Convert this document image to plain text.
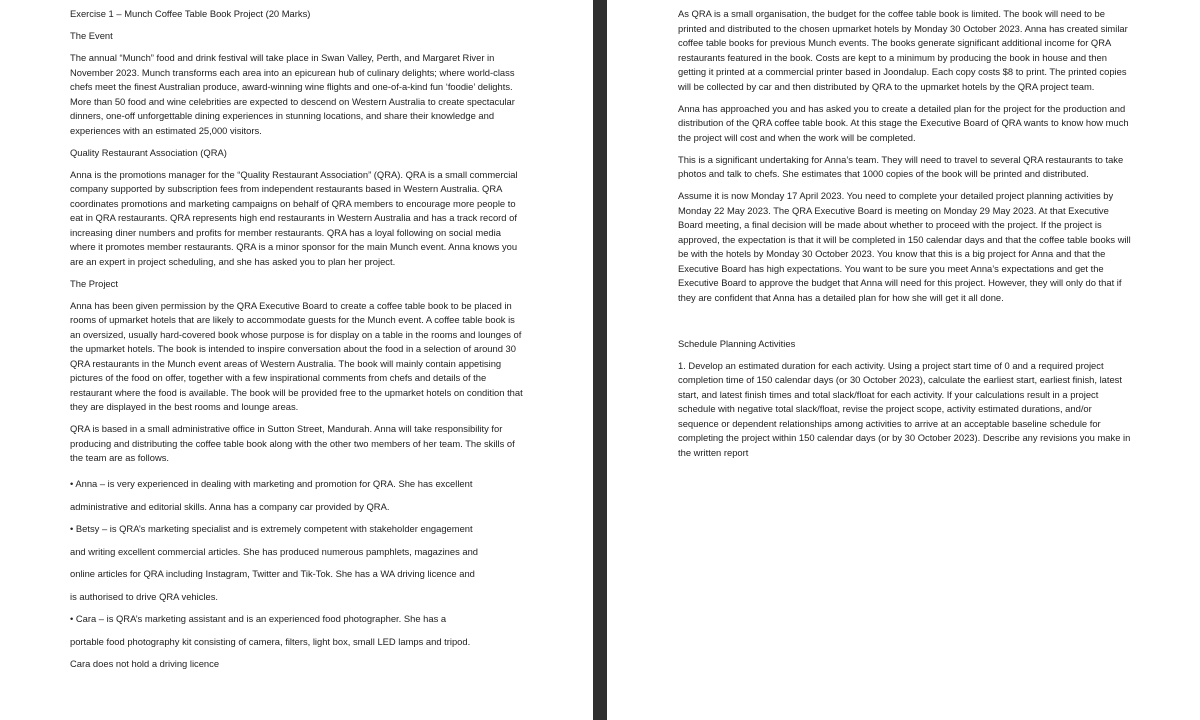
Exercise 1 – Munch Coffee Table Book Project (20 Marks)

The Event

The annual “Munch” food and drink festival will take place in Swan Valley, Perth, and Margaret River in November 2023. Munch transforms each area into an epicurean hub of culinary delights; where world-class chefs meet the finest Australian produce, award-winning wine flights and one-of-a-kind fun ‘foodie’ delights. More than 50 food and wine celebrities are expected to descend on Western Australia to create spectacular dinners, one-off unforgettable dining experiences in stunning locations, and share their knowledge and experiences with an estimated 25,000 visitors.

Quality Restaurant Association (QRA)

Anna is the promotions manager for the “Quality Restaurant Association” (QRA). QRA is a small commercial company supported by subscription fees from independent restaurants based in Western Australia. QRA coordinates promotions and marketing campaigns on behalf of QRA members to encourage more people to eat in QRA restaurants. QRA represents high end restaurants in Western Australia and has a track record of increasing diner numbers and profits for member restaurants. QRA has a loyal following on social media where it promotes member restaurants. QRA is a minor sponsor for the main Munch event. Anna knows you are an expert in project scheduling, and she has asked you to plan her project.

The Project

Anna has been given permission by the QRA Executive Board to create a coffee table book to be placed in rooms of upmarket hotels that are likely to accommodate guests for the Munch event. A coffee table book is an oversized, usually hard-covered book whose purpose is for display on a table in the rooms and lounges of the upmarket hotels. The book is intended to inspire conversation about the food in a selection of around 30 QRA restaurants in the Munch event areas of Western Australia. The book will mainly contain appetising pictures of the food on offer, together with a few inspirational comments from chefs and details of the restaurant where the food is available. The book will be provided free to the upmarket hotels on condition that they are displayed in the best rooms and lounge areas.

QRA is based in a small administrative office in Sutton Street, Mandurah. Anna will take responsibility for producing and distributing the coffee table book along with the other two members of her team. The skills of the team are as follows.

• Anna – is very experienced in dealing with marketing and promotion for QRA. She has excellent

administrative and editorial skills. Anna has a company car provided by QRA.

• Betsy – is QRA’s marketing specialist and is extremely competent with stakeholder engagement

and writing excellent commercial articles. She has produced numerous pamphlets, magazines and

online articles for QRA including Instagram, Twitter and Tik-Tok. She has a WA driving licence and

is authorised to drive QRA vehicles.

• Cara – is QRA’s marketing assistant and is an experienced food photographer. She has a

portable food photography kit consisting of camera, filters, light box, small LED lamps and tripod.

Cara does not hold a driving licence

As QRA is a small organisation, the budget for the coffee table book is limited. The book will need to be printed and distributed to the chosen upmarket hotels by Monday 30 October 2023. Anna has created similar coffee table books for previous Munch events. The books generate significant additional income for QRA restaurants featured in the book. Costs are kept to a minimum by producing the book in house and then getting it printed at a commercial printer based in Joondalup. Each copy costs $8 to print. The printed copies will be collected by car and then distributed by QRA to the upmarket hotels by the QRA project team.

Anna has approached you and has asked you to create a detailed plan for the project for the production and distribution of the QRA coffee table book. At this stage the Executive Board of QRA wants to know how much the project will cost and when the work will be completed.

This is a significant undertaking for Anna’s team. They will need to travel to several QRA restaurants to take photos and talk to chefs. She estimates that 1000 copies of the book will be printed and distributed.

Assume it is now Monday 17 April 2023. You need to complete your detailed project planning activities by Monday 22 May 2023. The QRA Executive Board is meeting on Monday 29 May 2023. At that Executive Board meeting, a final decision will be made about whether to proceed with the project. If the project is approved, the expectation is that it will be completed in 150 calendar days and that the coffee table books will be with the hotels by Monday 30 October 2023. You know that this is a big project for Anna and that the Executive Board has high expectations. You want to be sure you meet Anna’s expectations and get the Executive Board to approve the budget that Anna will need for this project. However, they will only do that if they are confident that Anna has a detailed plan for how she will get it all done.

Schedule Planning Activities

1. Develop an estimated duration for each activity. Using a project start time of 0 and a required project completion time of 150 calendar days (or 30 October 2023), calculate the earliest start, earliest finish, latest start, and latest finish times and total slack/float for each activity. If your calculations result in a project schedule with negative total slack/float, revise the project scope, activity estimated durations, and/or sequence or dependent relationships among activities to arrive at an acceptable baseline schedule for completing the project within 150 calendar days (or by 30 October 2023). Describe any revisions you make in the written report
